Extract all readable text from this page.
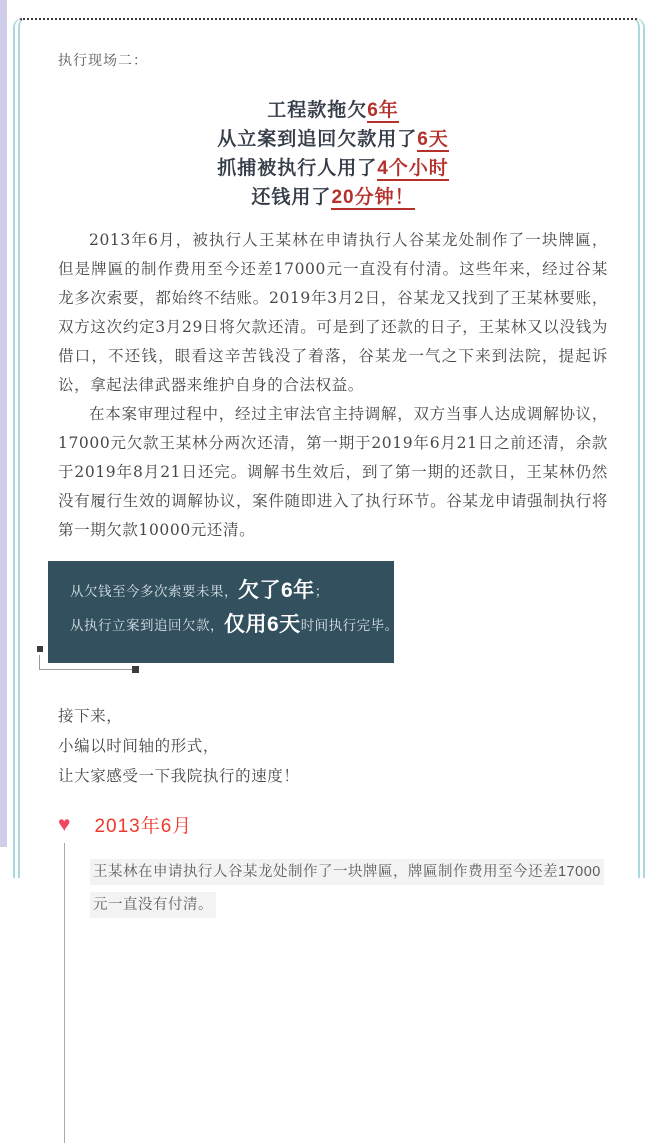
执行现场二：
工程款拖欠6年
从立案到追回欠款用了6天
抓捕被执行人用了4个小时
还钱用了20分钟！

2013年6月，被执行人王某林在申请执行人谷某龙处制作了一块牌匾，但是牌匾的制作费用至今还差17000元一直没有付清。这些年来，经过谷某龙多次索要，都始终不结账。2019年3月2日，谷某龙又找到了王某林要账，双方这次约定3月29日将欠款还清。可是到了还款的日子，王某林又以没钱为借口，不还钱，眼看这辛苦钱没了着落，谷某龙一气之下来到法院，提起诉讼，拿起法律武器来维护自身的合法权益。

在本案审理过程中，经过主审法官主持调解，双方当事人达成调解协议，17000元欠款王某林分两次还清，第一期于2019年6月21日之前还清，余款于2019年8月21日还完。调解书生效后，到了第一期的还款日，王某林仍然没有履行生效的调解协议，案件随即进入了执行环节。谷某龙申请强制执行将第一期欠款10000元还清。

从欠钱至今多次索要未果，欠了6年；
从执行立案到追回欠款，仅用6天时间执行完毕。
接下来，
小编以时间轴的形式，
让大家感受一下我院执行的速度！
♥ 2013年6月
王某林在申请执行人谷某龙处制作了一块牌匾，牌匾制作费用至今还差17000元一直没有付清。
